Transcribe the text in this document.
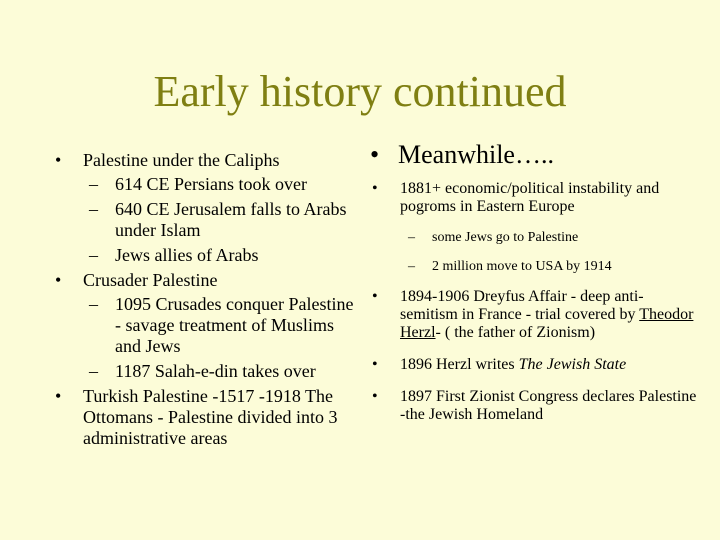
Early history continued
• Palestine under the Caliphs
– 614 CE Persians took over
– 640 CE Jerusalem falls to Arabs under Islam
– Jews allies of Arabs
• Crusader Palestine
– 1095 Crusades conquer Palestine - savage treatment of Muslims and Jews
– 1187 Salah-e-din takes over
• Turkish Palestine -1517 -1918 The Ottomans - Palestine divided into 3 administrative areas
• Meanwhile…..
• 1881+ economic/political instability and pogroms in Eastern Europe
– some Jews go to Palestine
– 2 million move to USA by 1914
• 1894-1906 Dreyfus Affair - deep anti-semitism in France - trial covered by Theodor Herzl- ( the father of Zionism)
• 1896 Herzl writes The Jewish State
• 1897 First Zionist Congress declares Palestine -the Jewish Homeland
